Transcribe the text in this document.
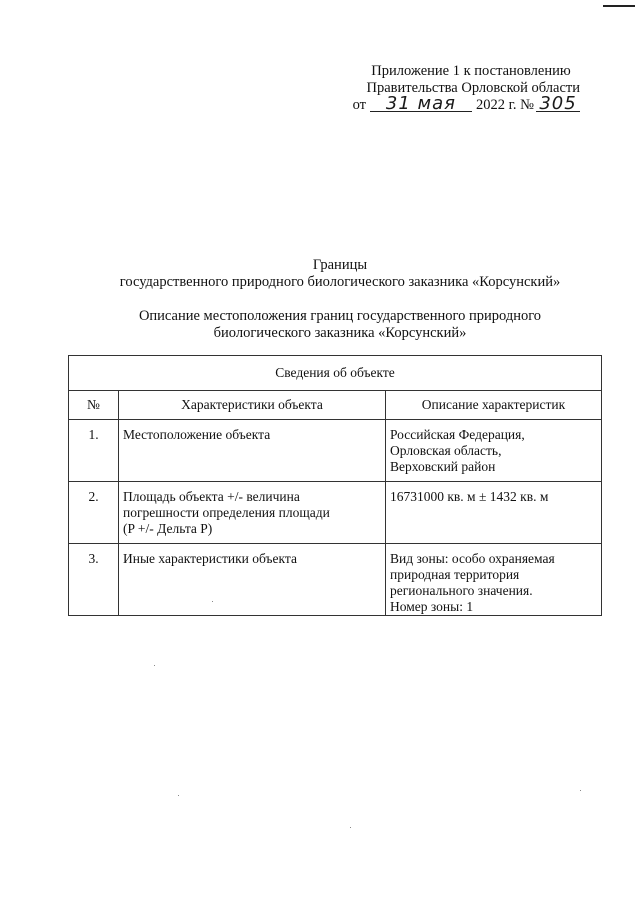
Приложение 1 к постановлению
Правительства Орловской области
от	31 мая	2022 г. № 305
Границы
государственного природного биологического заказника «Корсунский»
Описание местоположения границ государственного природного
биологического заказника «Корсунский»
Сведения об объекте		
№	Характеристики объекта	Описание характеристик
1.	Местоположение объекта	Российская Федерация,
Орловская область,
Верховский район

2.	Площадь объекта +/- величина
погрешности определения площади
(P +/- Дельта P)	16731000 кв. м ± 1432 кв. м

3.	Иные характеристики объекта	Вид зоны: особо охраняемая
природная территория
регионального значения.
Номер зоны: 1
